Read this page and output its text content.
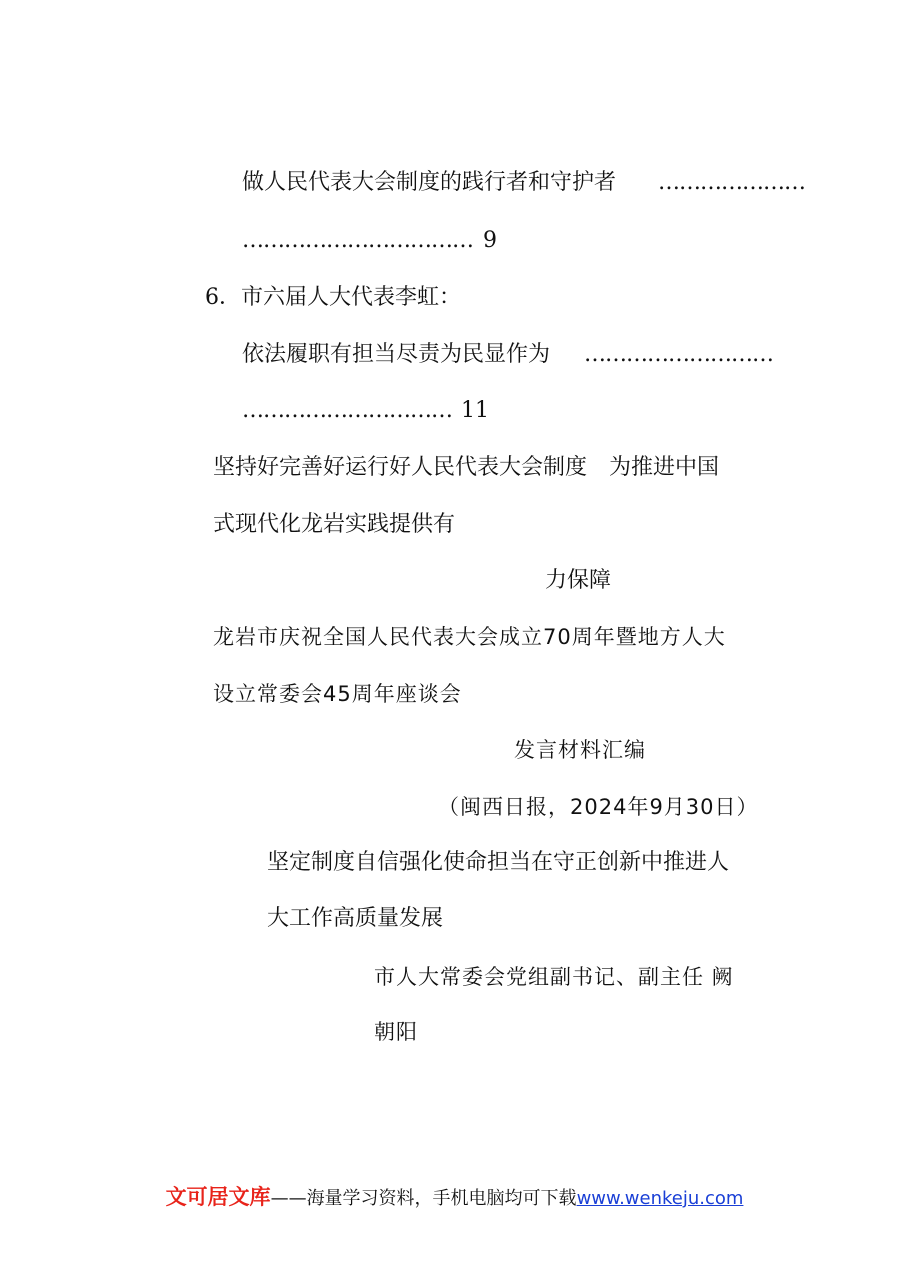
做人民代表大会制度的践行者和守护者 …………………
…………………………… 9
6．市六届人大代表李虹：
依法履职有担当尽责为民显作为 ………………………
………………………… 11
坚持好完善好运行好人民代表大会制度　为推进中国
式现代化龙岩实践提供有
力保障
龙岩市庆祝全国人民代表大会成立70周年暨地方人大
设立常委会45周年座谈会
发言材料汇编
（闽西日报，2024年9月30日）
坚定制度自信强化使命担当在守正创新中推进人
大工作高质量发展
市人大常委会党组副书记、副主任 阙
朝阳
文可居文库——海量学习资料，手机电脑均可下载www.wenkeju.com
